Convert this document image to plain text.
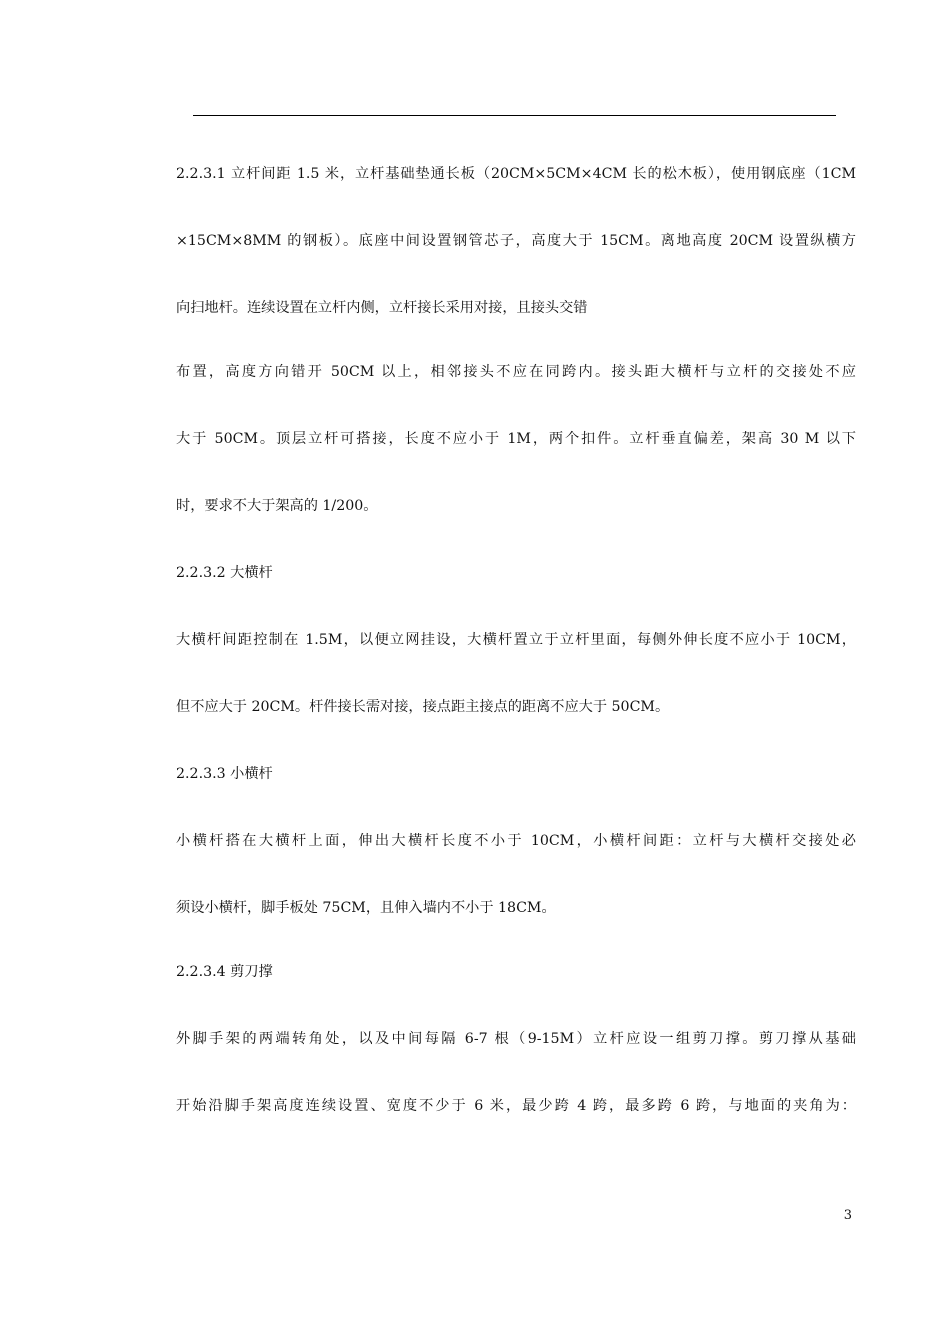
2.2.3.1 立杆间距 1.5 米，立杆基础垫通长板（20CM×5CM×4CM 长的松木板），使用钢底座（1CM

×15CM×8MM 的钢板）。底座中间设置钢管芯子，高度大于 15CM。离地高度 20CM 设置纵横方

向扫地杆。连续设置在立杆内侧，立杆接长采用对接，且接头交错

布置，高度方向错开 50CM 以上，相邻接头不应在同跨内。接头距大横杆与立杆的交接处不应

大于 50CM。顶层立杆可搭接，长度不应小于 1M，两个扣件。立杆垂直偏差，架高 30 M 以下

时，要求不大于架高的 1/200。

2.2.3.2 大横杆

大横杆间距控制在 1.5M，以便立网挂设，大横杆置立于立杆里面，每侧外伸长度不应小于 10CM，

但不应大于 20CM。杆件接长需对接，接点距主接点的距离不应大于 50CM。

2.2.3.3 小横杆

小横杆搭在大横杆上面，伸出大横杆长度不小于 10CM，小横杆间距：立杆与大横杆交接处必

须设小横杆，脚手板处 75CM，且伸入墙内不小于 18CM。

2.2.3.4 剪刀撑

外脚手架的两端转角处，以及中间每隔 6-7 根（9-15M）立杆应设一组剪刀撑。剪刀撑从基础

开始沿脚手架高度连续设置、宽度不少于 6 米，最少跨 4 跨，最多跨 6 跨，与地面的夹角为：

3
